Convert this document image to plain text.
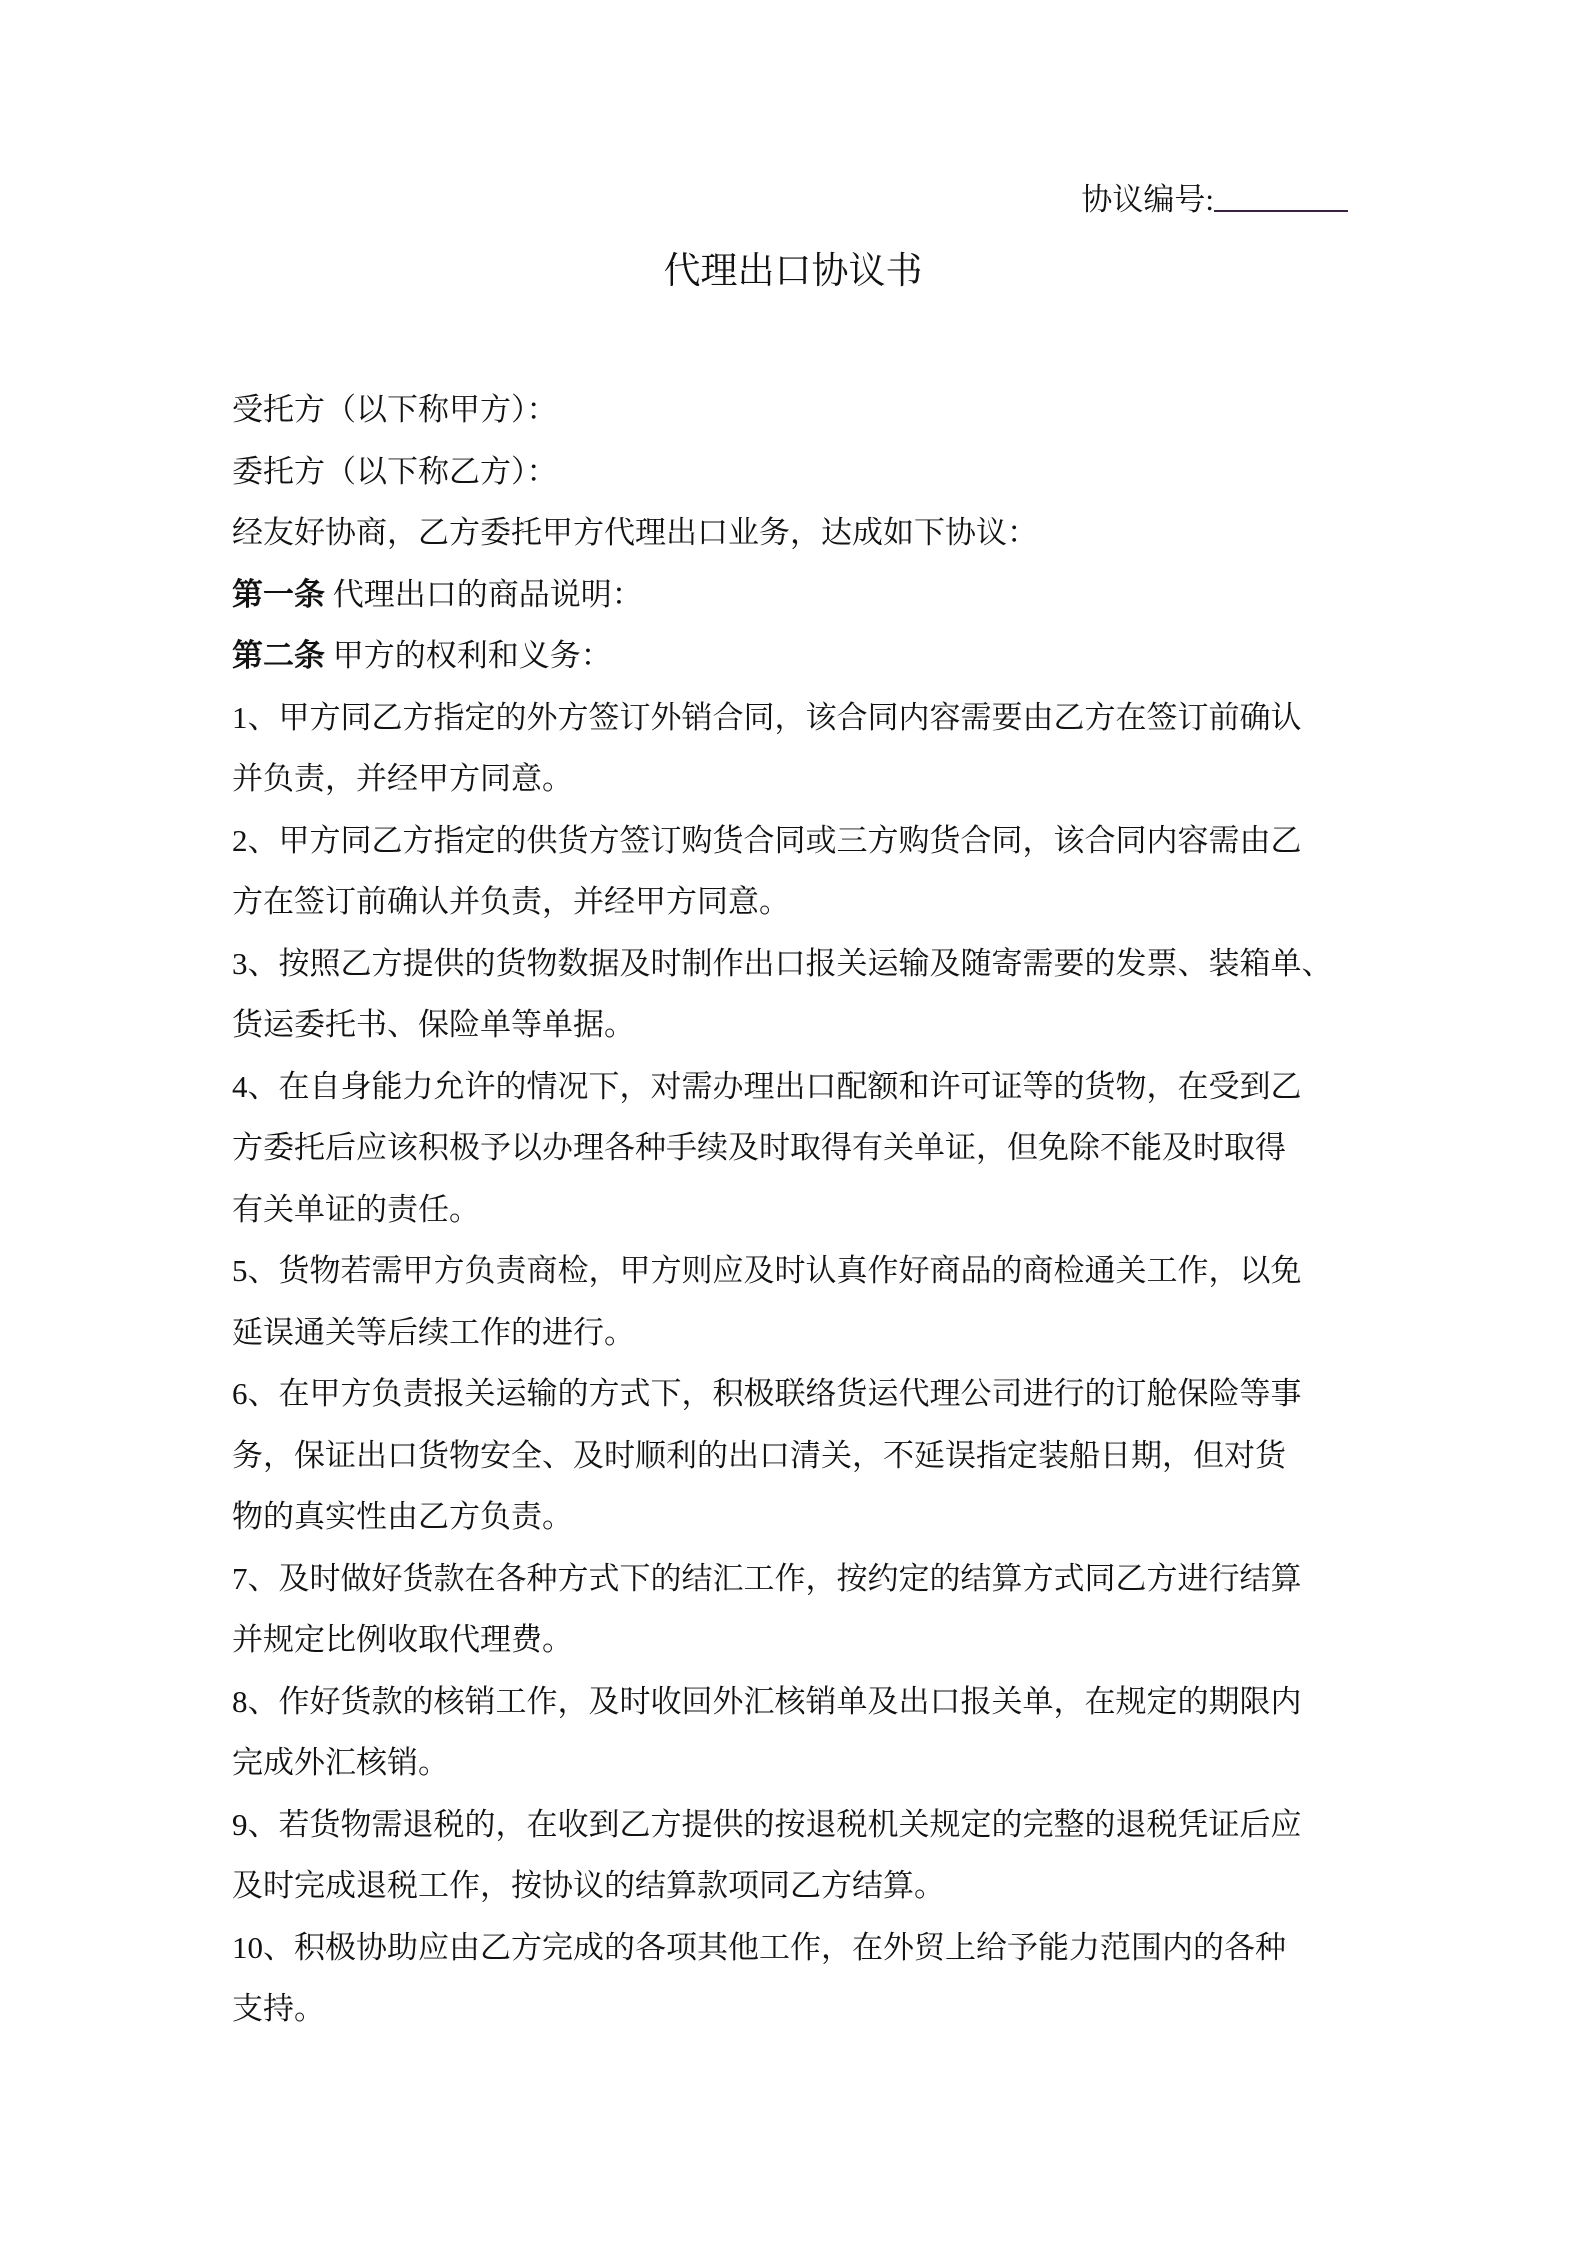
协议编号:
代理出口协议书
受托方（以下称甲方）：
委托方（以下称乙方）：
经友好协商，乙方委托甲方代理出口业务，达成如下协议：
第一条 代理出口的商品说明：
第二条 甲方的权利和义务：
1、甲方同乙方指定的外方签订外销合同，该合同内容需要由乙方在签订前确认
并负责，并经甲方同意。
2、甲方同乙方指定的供货方签订购货合同或三方购货合同，该合同内容需由乙
方在签订前确认并负责，并经甲方同意。
3、按照乙方提供的货物数据及时制作出口报关运输及随寄需要的发票、装箱单、
货运委托书、保险单等单据。
4、在自身能力允许的情况下，对需办理出口配额和许可证等的货物，在受到乙
方委托后应该积极予以办理各种手续及时取得有关单证，但免除不能及时取得
有关单证的责任。
5、货物若需甲方负责商检，甲方则应及时认真作好商品的商检通关工作，以免
延误通关等后续工作的进行。
6、在甲方负责报关运输的方式下，积极联络货运代理公司进行的订舱保险等事
务，保证出口货物安全、及时顺利的出口清关，不延误指定装船日期，但对货
物的真实性由乙方负责。
7、及时做好货款在各种方式下的结汇工作，按约定的结算方式同乙方进行结算
并规定比例收取代理费。
8、作好货款的核销工作，及时收回外汇核销单及出口报关单，在规定的期限内
完成外汇核销。
9、若货物需退税的，在收到乙方提供的按退税机关规定的完整的退税凭证后应
及时完成退税工作，按协议的结算款项同乙方结算。
10、积极协助应由乙方完成的各项其他工作，在外贸上给予能力范围内的各种
支持。
